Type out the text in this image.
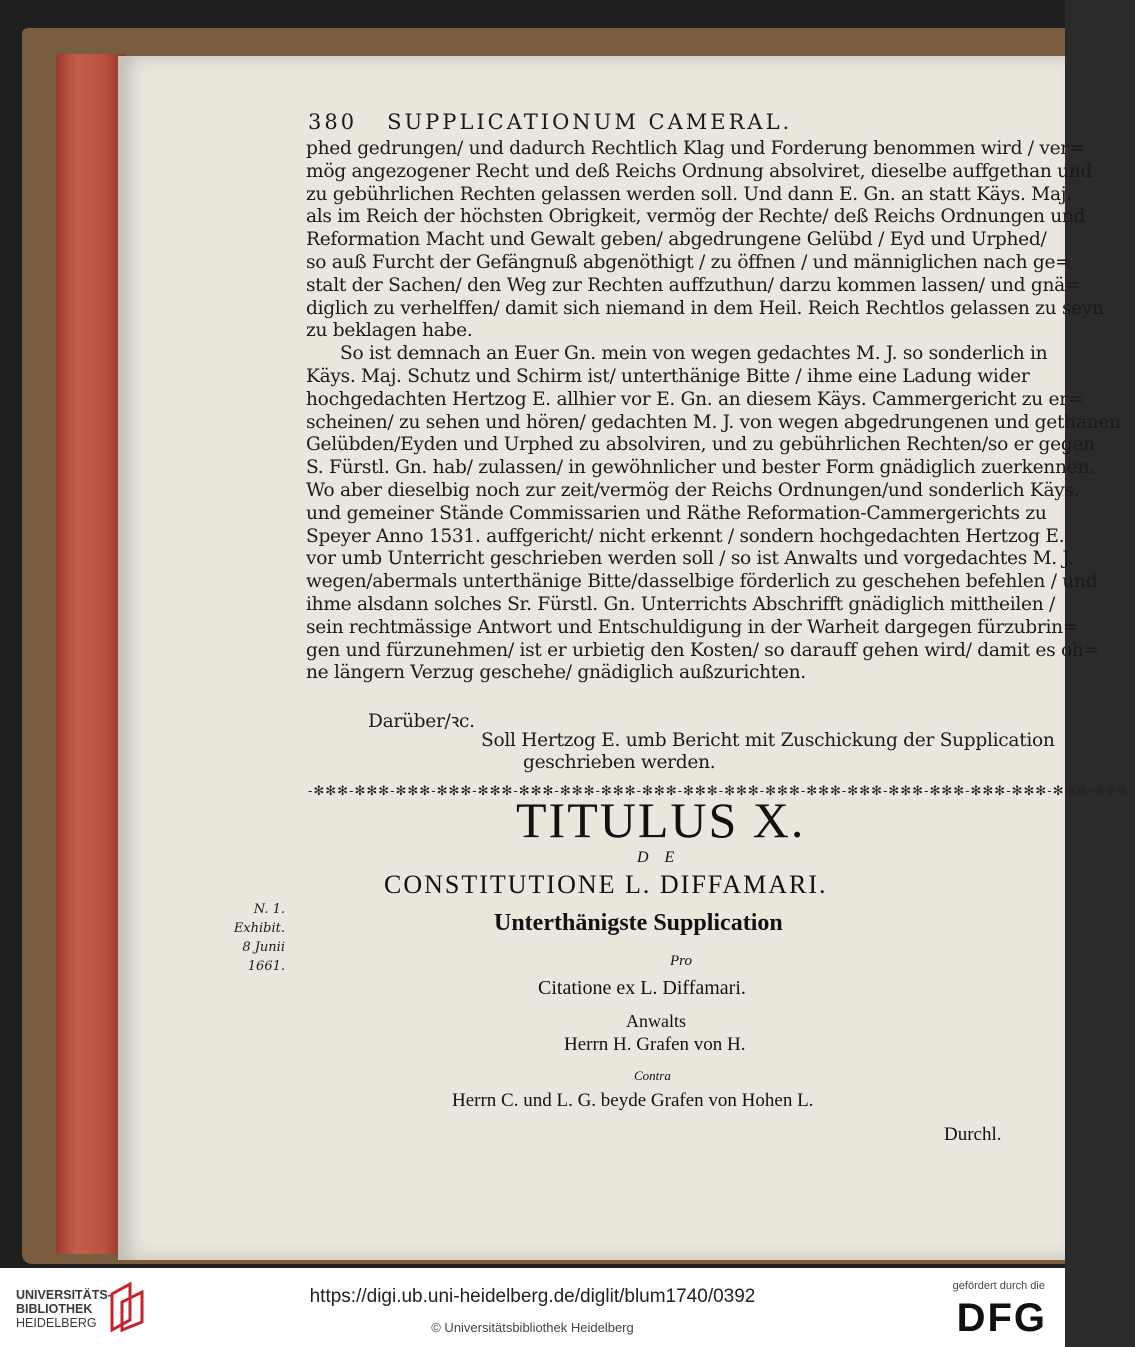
380 SUPPLICATIONUM CAMERAL.
phed gedrungen/ und dadurch Rechtlich Klag und Forderung benommen wird / ver=
mög angezogener Recht und deß Reichs Ordnung absolviret, dieselbe auffgethan und
zu gebührlichen Rechten gelassen werden soll. Und dann E. Gn. an statt Käys. Maj.
als im Reich der höchsten Obrigkeit, vermög der Rechte/ deß Reichs Ordnungen und
Reformation Macht und Gewalt geben/ abgedrungene Gelübd / Eyd und Urphed/
so auß Furcht der Gefängnuß abgenöthigt / zu öffnen / und männiglichen nach ge=
stalt der Sachen/ den Weg zur Rechten auffzuthun/ darzu kommen lassen/ und gnä=
diglich zu verhelffen/ damit sich niemand in dem Heil. Reich Rechtlos gelassen zu seyn
zu beklagen habe.
So ist demnach an Euer Gn. mein von wegen gedachtes M. J. so sonderlich in
Käys. Maj. Schutz und Schirm ist/ unterthänige Bitte / ihme eine Ladung wider
hochgedachten Hertzog E. allhier vor E. Gn. an diesem Käys. Cammergericht zu er=
scheinen/ zu sehen und hören/ gedachten M. J. von wegen abgedrungenen und gethanen
Gelübden/Eyden und Urphed zu absolviren, und zu gebührlichen Rechten/so er gegen
S. Fürstl. Gn. hab/ zulassen/ in gewöhnlicher und bester Form gnädiglich zuerkennen.
Wo aber dieselbig noch zur zeit/vermög der Reichs Ordnungen/und sonderlich Käys.
und gemeiner Stände Commissarien und Räthe Reformation-Cammergerichts zu
Speyer Anno 1531. auffgericht/ nicht erkennt / sondern hochgedachten Hertzog E.
vor umb Unterricht geschrieben werden soll / so ist Anwalts und vorgedachtes M. J.
wegen/abermals unterthänige Bitte/dasselbige förderlich zu geschehen befehlen / und
ihme alsdann solches Sr. Fürstl. Gn. Unterrichts Abschrifft gnädiglich mittheilen /
sein rechtmässige Antwort und Entschuldigung in der Warheit dargegen fürzubrin=
gen und fürzunehmen/ ist er urbietig den Kosten/ so darauff gehen wird/ damit es oh=
ne längern Verzug geschehe/ gnädiglich außzurichten.
Darüber/ꝛc.
Soll Hertzog E. umb Bericht mit Zuschickung der Supplication
geschrieben werden.
-✻✻✻-✻✻✻-✻✻✻-✻✻✻-✻✻✻-✻✻✻-✻✻✻-✻✻✻-✻✻✻-✻✻✻-✻✻✻-✻✻✻-✻✻✻-✻✻✻-✻✻✻-✻✻✻-✻✻✻-✻✻✻-✻✻✻-✻✻✻-
TITULUS X.
D E
CONSTITUTIONE L. DIFFAMARI.
Unterthänigste Supplication
Pro
Citatione ex L. Diffamari.
Anwalts
Herrn H. Grafen von H.
Contra
Herrn C. und L. G. beyde Grafen von Hohen L.
Durchl.
N. 1.
Exhibit.
8 Junii
1661.
UNIVERSITÄTS-
BIBLIOTHEK
HEIDELBERG
https://digi.ub.uni-heidelberg.de/diglit/blum1740/0392
© Universitätsbibliothek Heidelberg
gefördert durch die
DFG
